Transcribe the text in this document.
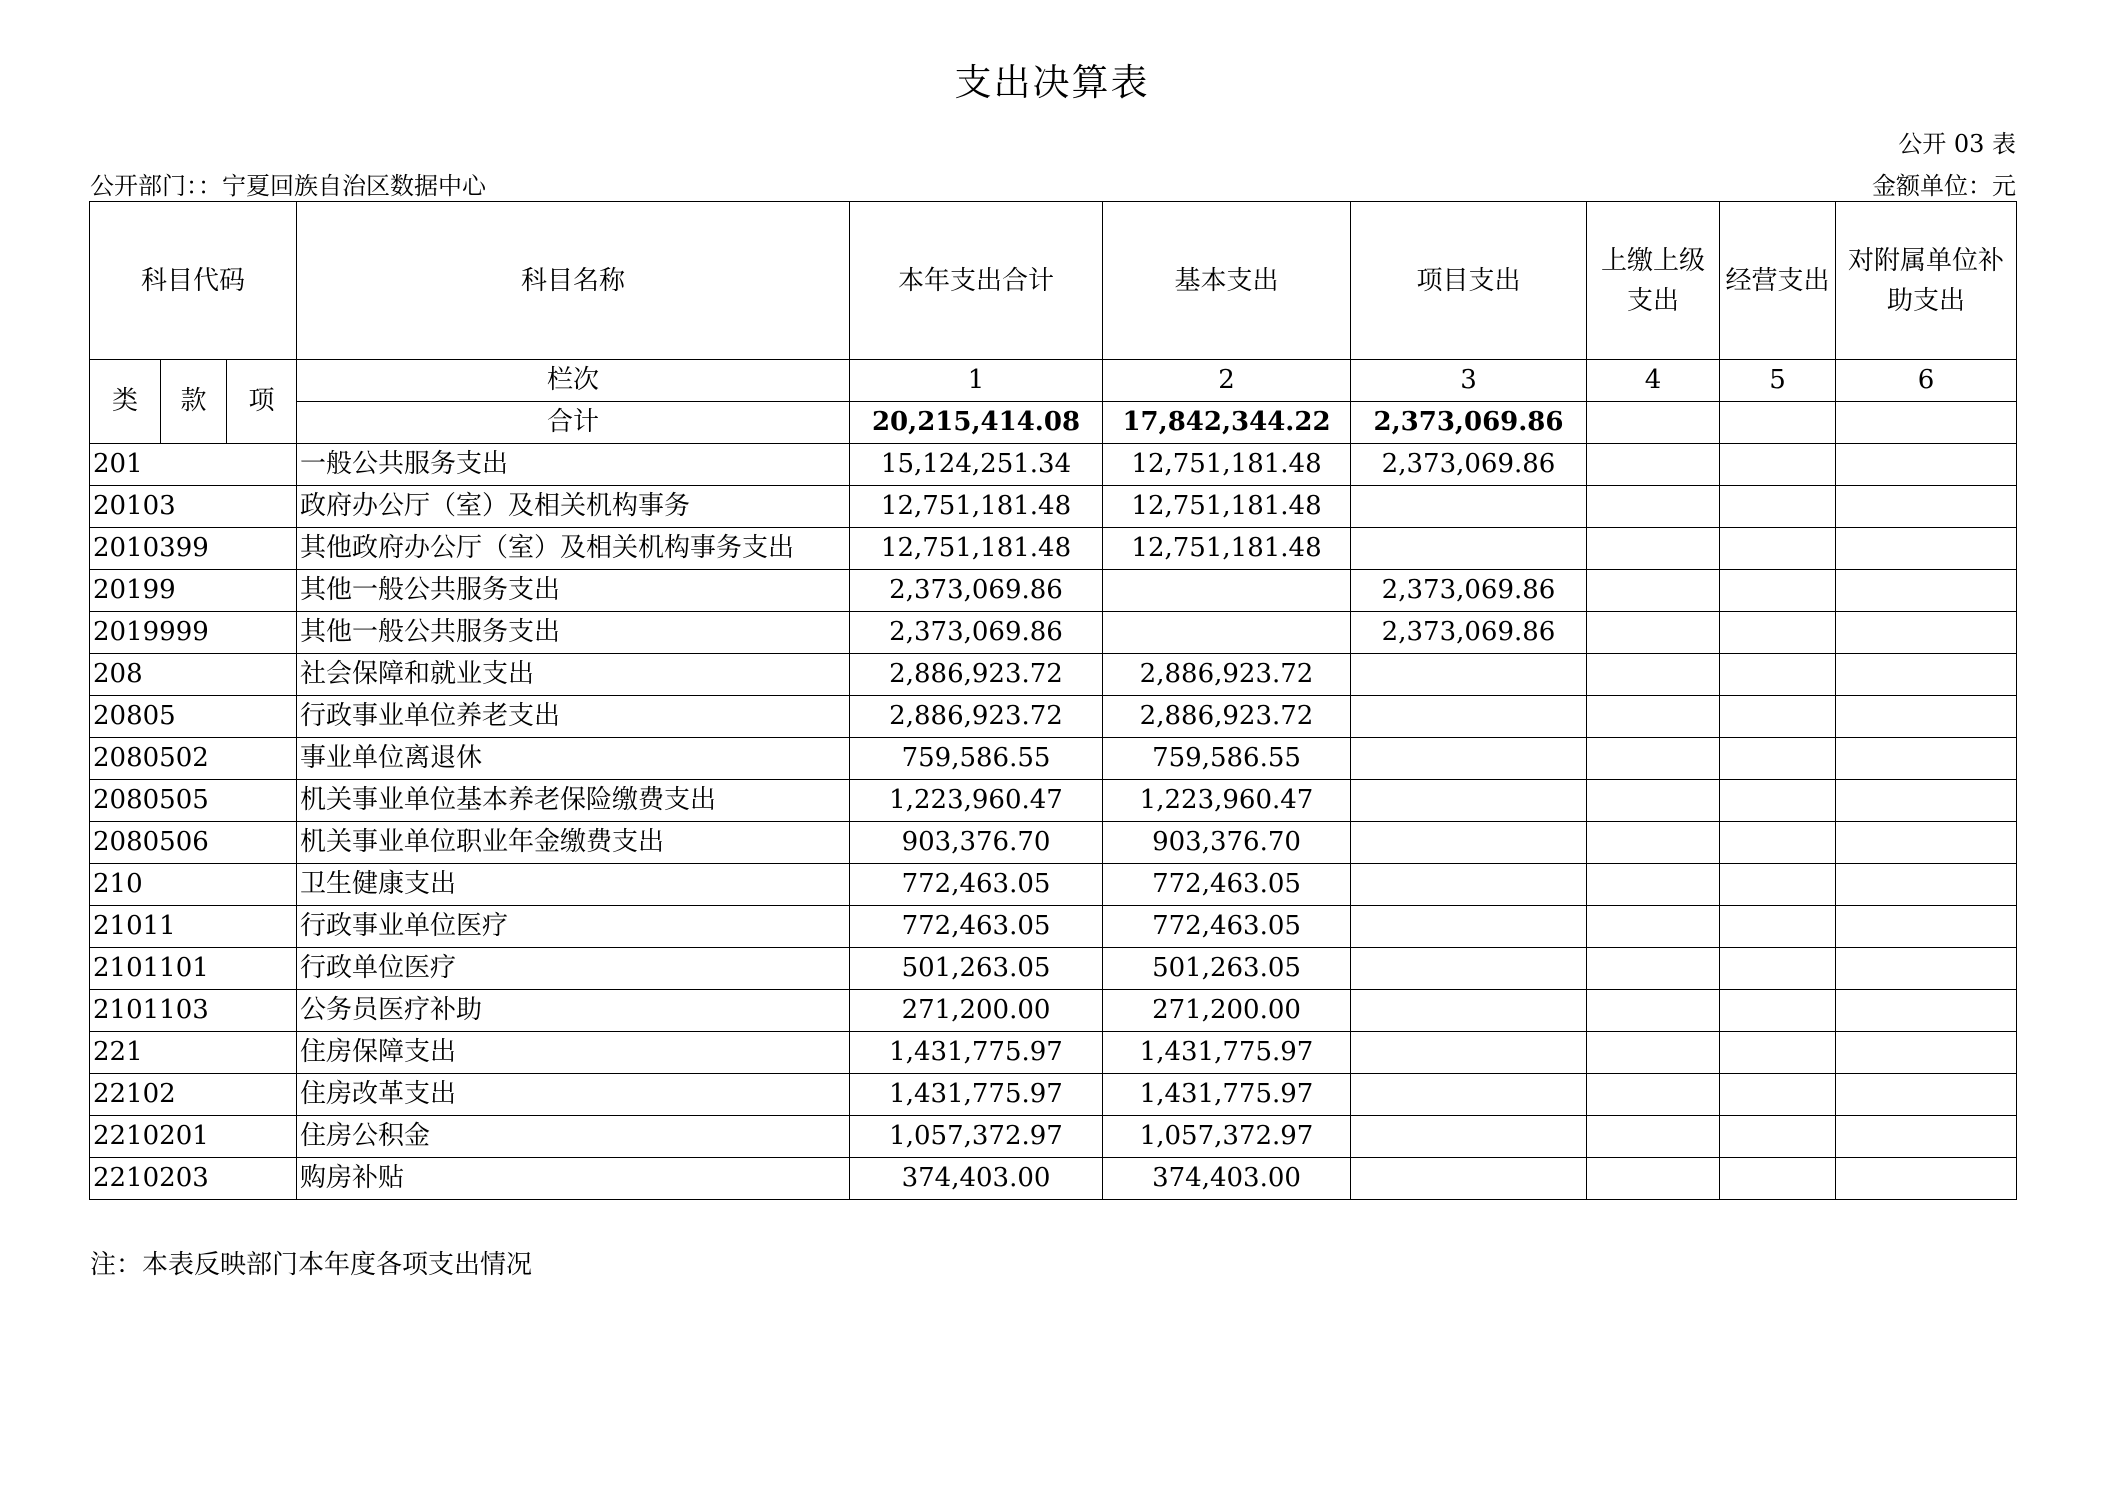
支出决算表
公开 03 表
公开部门：：宁夏回族自治区数据中心	金额单位：元
科目代码			科目名称	本年支出合计	基本支出	项目支出	上缴上级支出	经营支出	对附属单位补助支出
类	款	项	栏次	1	2	3	4	5	6
			合计	20,215,414.08	17,842,344.22	2,373,069.86			
201			一般公共服务支出	15,124,251.34	12,751,181.48	2,373,069.86			
20103			政府办公厅（室）及相关机构事务	12,751,181.48	12,751,181.48				
2010399			其他政府办公厅（室）及相关机构事务支出	12,751,181.48	12,751,181.48				
20199			其他一般公共服务支出	2,373,069.86		2,373,069.86			
2019999			其他一般公共服务支出	2,373,069.86		2,373,069.86			
208			社会保障和就业支出	2,886,923.72	2,886,923.72				
20805			行政事业单位养老支出	2,886,923.72	2,886,923.72				
2080502			事业单位离退休	759,586.55	759,586.55				
2080505			机关事业单位基本养老保险缴费支出	1,223,960.47	1,223,960.47				
2080506			机关事业单位职业年金缴费支出	903,376.70	903,376.70				
210			卫生健康支出	772,463.05	772,463.05				
21011			行政事业单位医疗	772,463.05	772,463.05				
2101101			行政单位医疗	501,263.05	501,263.05				
2101103			公务员医疗补助	271,200.00	271,200.00				
221			住房保障支出	1,431,775.97	1,431,775.97				
22102			住房改革支出	1,431,775.97	1,431,775.97				
2210201			住房公积金	1,057,372.97	1,057,372.97				
2210203			购房补贴	374,403.00	374,403.00				
注：本表反映部门本年度各项支出情况
